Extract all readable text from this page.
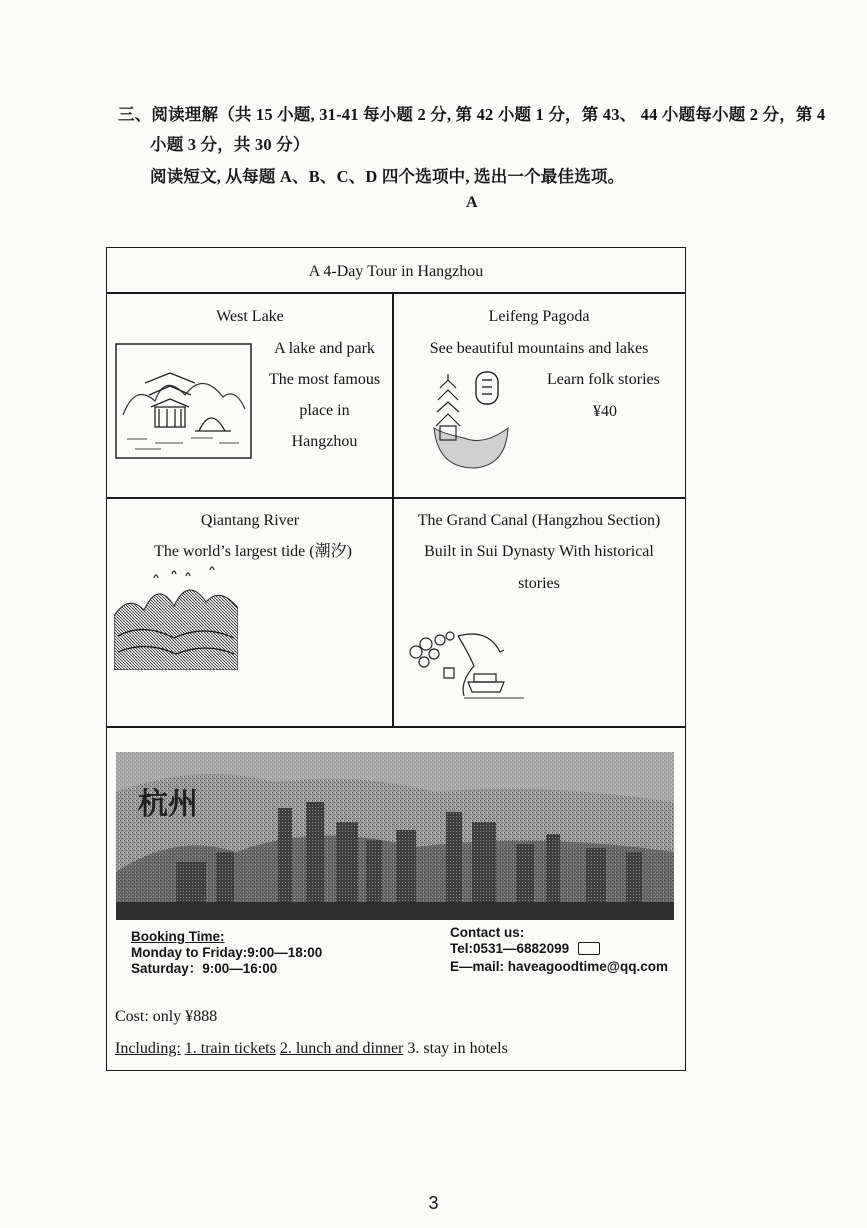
三、阅读理解（共 15 小题, 31-41 每小题 2 分, 第 42 小题 1 分，第 43、 44 小题每小题 2 分，第 4
小题 3 分，共 30 分）
阅读短文, 从每题 A、B、C、D 四个选项中, 选出一个最佳选项。
A
A 4-Day Tour in Hangzhou
West Lake
A lake and park
The most famous
place in
Hangzhou
Leifeng Pagoda
See beautiful mountains and lakes
Learn folk stories
¥40
Qiantang River
The world’s largest tide (潮汐)
The Grand Canal (Hangzhou Section)
Built in Sui Dynasty With historical
stories
杭州
Booking Time:
Monday to Friday:9:00—18:00
Saturday：9:00—16:00
Contact us:
Tel:0531—6882099
E—mail: haveagoodtime@qq.com
Cost: only ¥888
Including: 1. train tickets 2. lunch and dinner 3. stay in hotels
3
